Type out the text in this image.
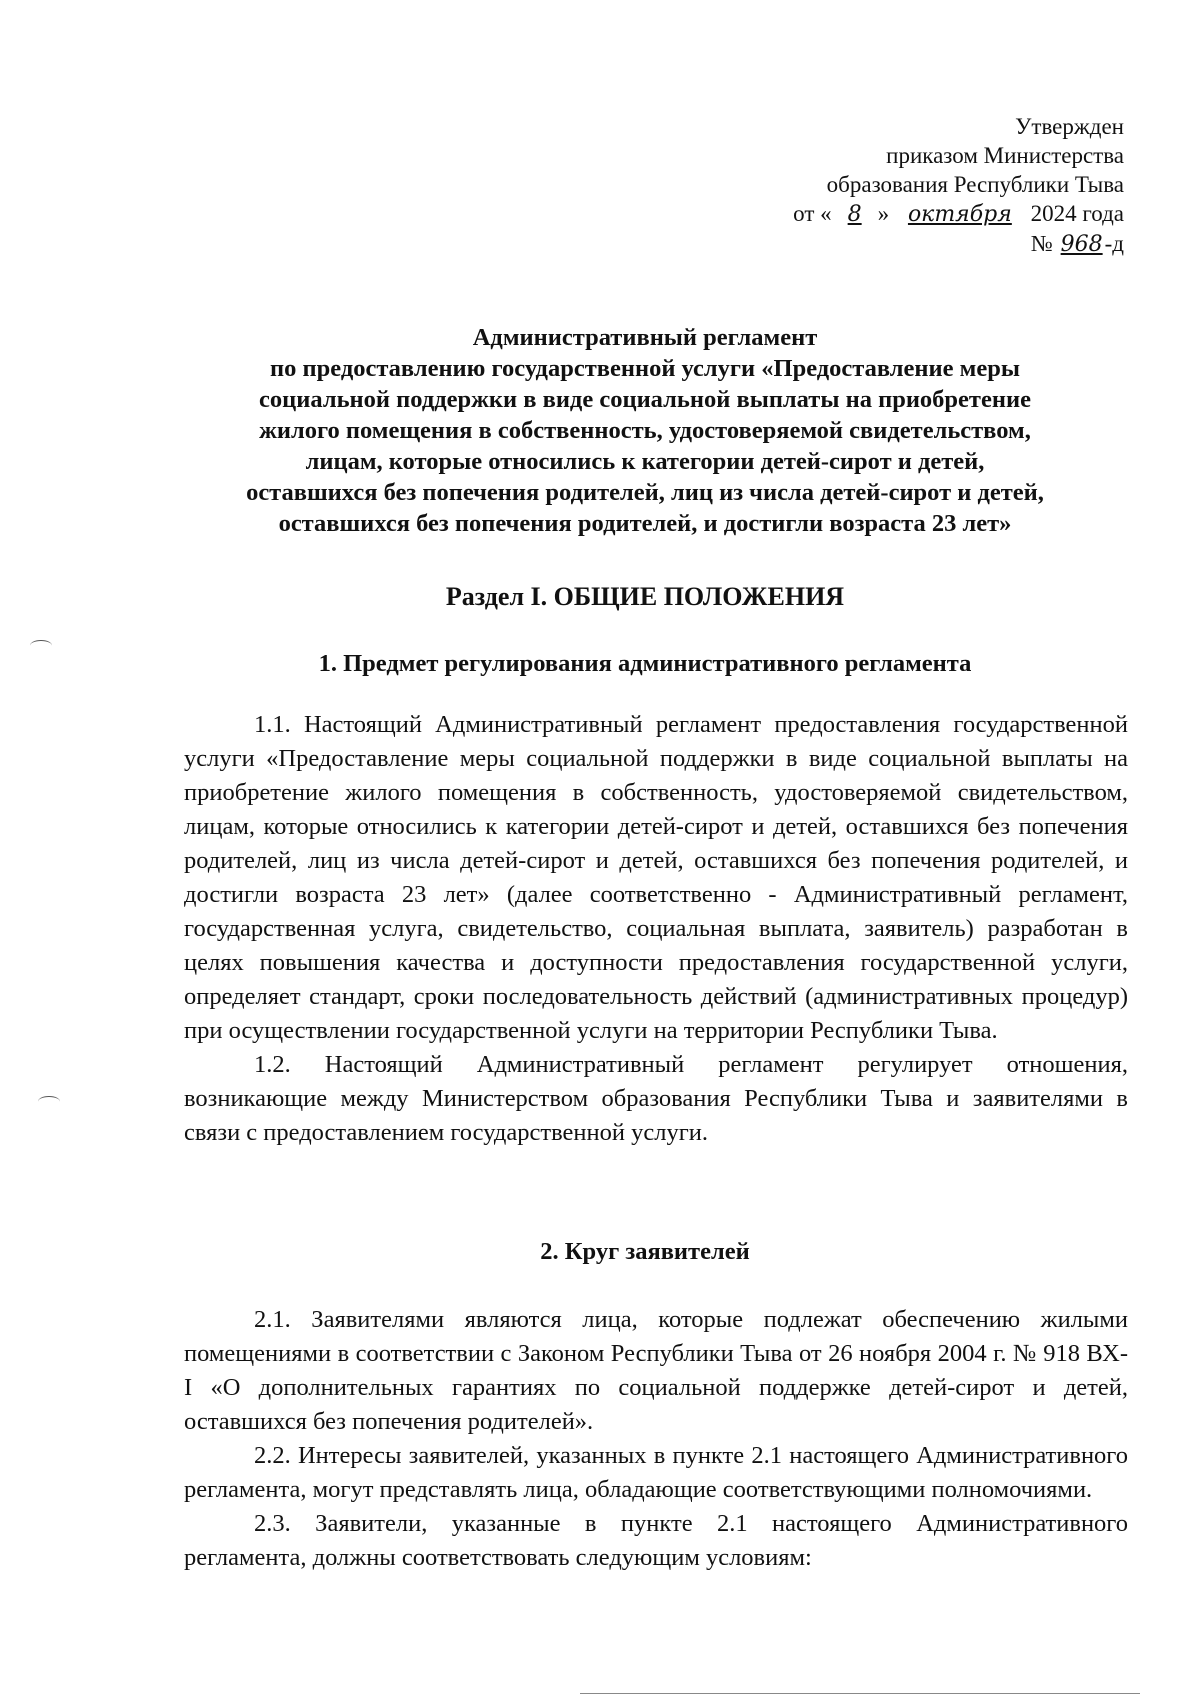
Утвержден
приказом Министерства
образования Республики Тыва
от « 8 » октября 2024 года
№ 968-д
Административный регламент
по предоставлению государственной услуги «Предоставление меры
социальной поддержки в виде социальной выплаты на приобретение
жилого помещения в собственность, удостоверяемой свидетельством,
лицам, которые относились к категории детей-сирот и детей,
оставшихся без попечения родителей, лиц из числа детей-сирот и детей,
оставшихся без попечения родителей, и достигли возраста 23 лет»
Раздел I. ОБЩИЕ ПОЛОЖЕНИЯ
1. Предмет регулирования административного регламента

1.1. Настоящий Административный регламент предоставления государственной услуги «Предоставление меры социальной поддержки в виде социальной выплаты на приобретение жилого помещения в собственность, удостоверяемой свидетельством, лицам, которые относились к категории детей-сирот и детей, оставшихся без попечения родителей, лиц из числа детей-сирот и детей, оставшихся без попечения родителей, и достигли возраста 23 лет» (далее соответственно - Административный регламент, государственная услуга, свидетельство, социальная выплата, заявитель) разработан в целях повышения качества и доступности предоставления государственной услуги, определяет стандарт, сроки последовательность действий (административных процедур) при осуществлении государственной услуги на территории Республики Тыва.

1.2. Настоящий Административный регламент регулирует отношения, возникающие между Министерством образования Республики Тыва и заявителями в связи с предоставлением государственной услуги.

2. Круг заявителей

2.1. Заявителями являются лица, которые подлежат обеспечению жилыми помещениями в соответствии с Законом Республики Тыва от 26 ноября 2004 г. № 918 ВХ-I «О дополнительных гарантиях по социальной поддержке детей-сирот и детей, оставшихся без попечения родителей».

2.2. Интересы заявителей, указанных в пункте 2.1 настоящего Административного регламента, могут представлять лица, обладающие соответствующими полномочиями.

2.3. Заявители, указанные в пункте 2.1 настоящего Административного регламента, должны соответствовать следующим условиям:
